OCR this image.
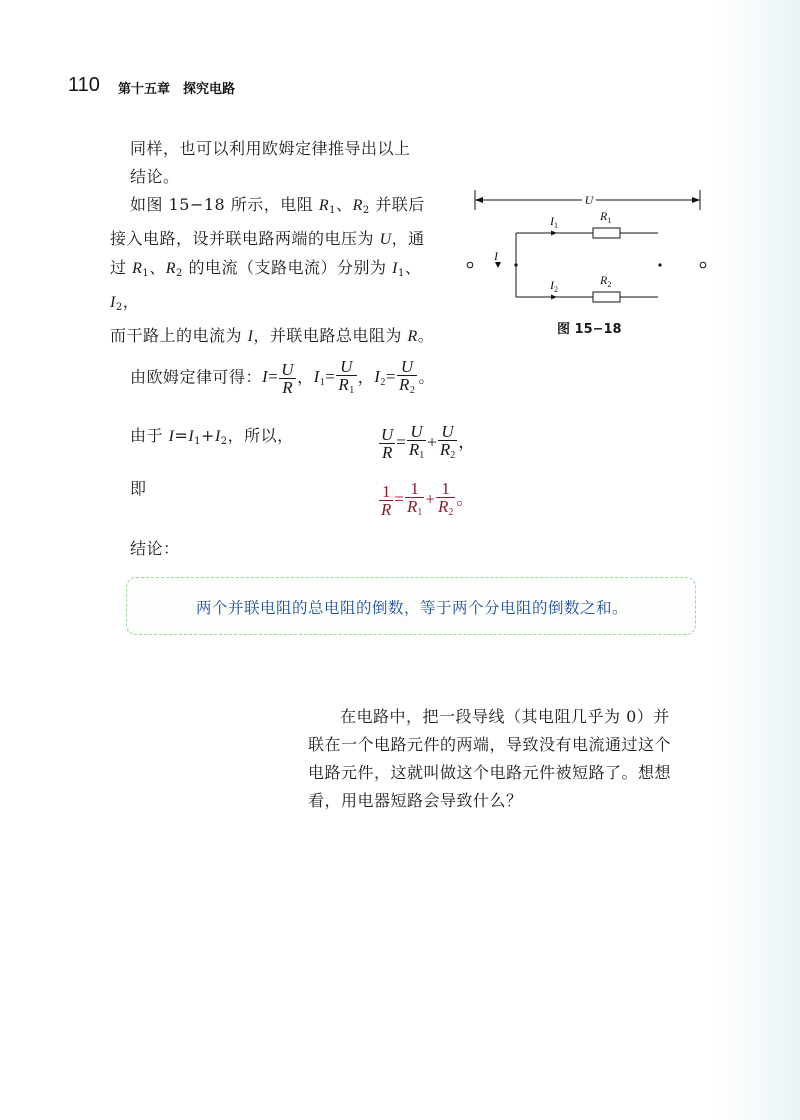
110 第十五章　探究电路
同样，也可以利用欧姆定律推导出以上
结论。
如图 15−18 所示，电阻 $R_1$、$R_2$ 并联后
接入电路，设并联电路两端的电压为 U，通
过 $R_1$、$R_2$ 的电流（支路电流）分别为 $I_1$、$I_2$，
而干路上的电流为 I，并联电路总电阻为 R。
U
I
$I_1$
$R_1$
$I_2$
$R_2$
图 15−18
由欧姆定律可得：$I= \frac{U}{R}$ ，$I_1= \frac{U}{R_1}$ ，$I_2= \frac{U}{R_2}$ 。
由于 $I=I_1+I_2$，所以，	$\frac{U}{R} = \frac{U}{R_1} + \frac{U}{R_2}$ ，
即	$\frac{1}{R} = \frac{1}{R_1} + \frac{1}{R_2}$ 。
结论：
两个并联电阻的总电阻的倒数，等于两个分电阻的倒数之和。
在电路中，把一段导线（其电阻几乎为 0）并
联在一个电路元件的两端，导致没有电流通过这个
电路元件，这就叫做这个电路元件被短路了。想想
看，用电器短路会导致什么？
